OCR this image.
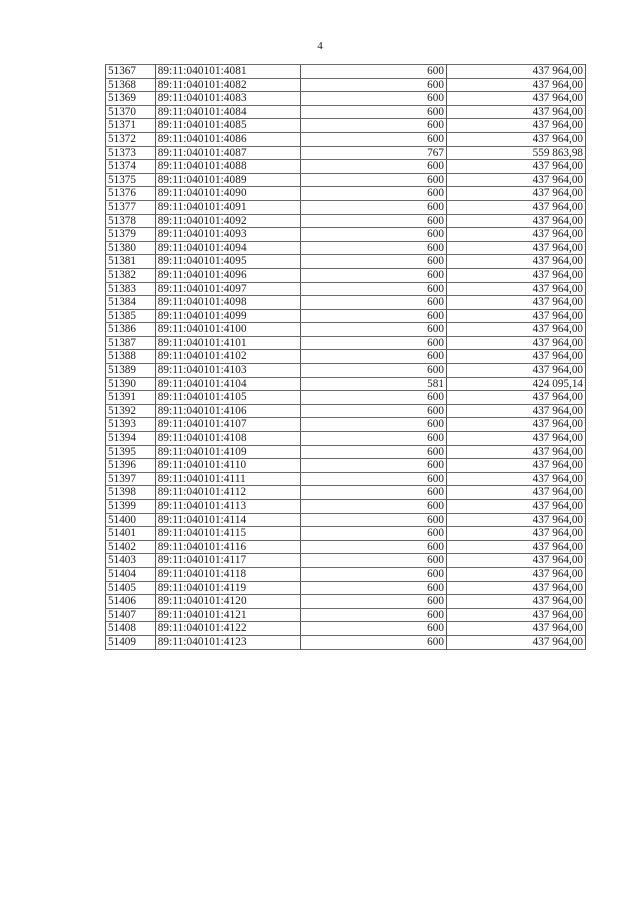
4
51367	89:11:040101:4081	600	437 964,00
51368	89:11:040101:4082	600	437 964,00
51369	89:11:040101:4083	600	437 964,00
51370	89:11:040101:4084	600	437 964,00
51371	89:11:040101:4085	600	437 964,00
51372	89:11:040101:4086	600	437 964,00
51373	89:11:040101:4087	767	559 863,98
51374	89:11:040101:4088	600	437 964,00
51375	89:11:040101:4089	600	437 964,00
51376	89:11:040101:4090	600	437 964,00
51377	89:11:040101:4091	600	437 964,00
51378	89:11:040101:4092	600	437 964,00
51379	89:11:040101:4093	600	437 964,00
51380	89:11:040101:4094	600	437 964,00
51381	89:11:040101:4095	600	437 964,00
51382	89:11:040101:4096	600	437 964,00
51383	89:11:040101:4097	600	437 964,00
51384	89:11:040101:4098	600	437 964,00
51385	89:11:040101:4099	600	437 964,00
51386	89:11:040101:4100	600	437 964,00
51387	89:11:040101:4101	600	437 964,00
51388	89:11:040101:4102	600	437 964,00
51389	89:11:040101:4103	600	437 964,00
51390	89:11:040101:4104	581	424 095,14
51391	89:11:040101:4105	600	437 964,00
51392	89:11:040101:4106	600	437 964,00
51393	89:11:040101:4107	600	437 964,00
51394	89:11:040101:4108	600	437 964,00
51395	89:11:040101:4109	600	437 964,00
51396	89:11:040101:4110	600	437 964,00
51397	89:11:040101:4111	600	437 964,00
51398	89:11:040101:4112	600	437 964,00
51399	89:11:040101:4113	600	437 964,00
51400	89:11:040101:4114	600	437 964,00
51401	89:11:040101:4115	600	437 964,00
51402	89:11:040101:4116	600	437 964,00
51403	89:11:040101:4117	600	437 964,00
51404	89:11:040101:4118	600	437 964,00
51405	89:11:040101:4119	600	437 964,00
51406	89:11:040101:4120	600	437 964,00
51407	89:11:040101:4121	600	437 964,00
51408	89:11:040101:4122	600	437 964,00
51409	89:11:040101:4123	600	437 964,00
